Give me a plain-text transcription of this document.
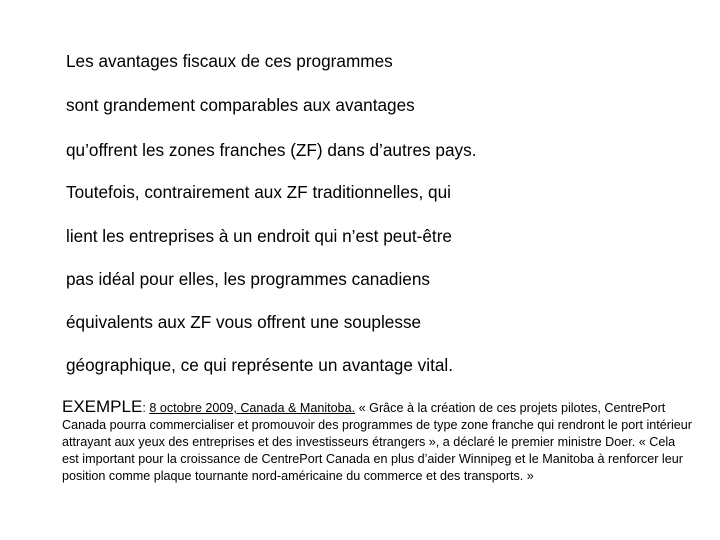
Les avantages fiscaux de ces programmes
sont grandement comparables aux avantages
qu’offrent les zones franches (ZF) dans d’autres pays.
Toutefois, contrairement aux ZF traditionnelles, qui
lient les entreprises à un endroit qui n’est peut-être
pas idéal pour elles, les programmes canadiens
équivalents aux ZF vous offrent une souplesse
géographique, ce qui représente un avantage vital.
EXEMPLE: 8 octobre 2009, Canada & Manitoba. « Grâce à la création de ces projets pilotes, CentrePort Canada pourra commercialiser et promouvoir des programmes de type zone franche qui rendront le port intérieur attrayant aux yeux des entreprises et des investisseurs étrangers », a déclaré le premier ministre Doer. « Cela est important pour la croissance de CentrePort Canada en plus d’aider Winnipeg et le Manitoba à renforcer leur position comme plaque tournante nord-américaine du commerce et des transports. »
